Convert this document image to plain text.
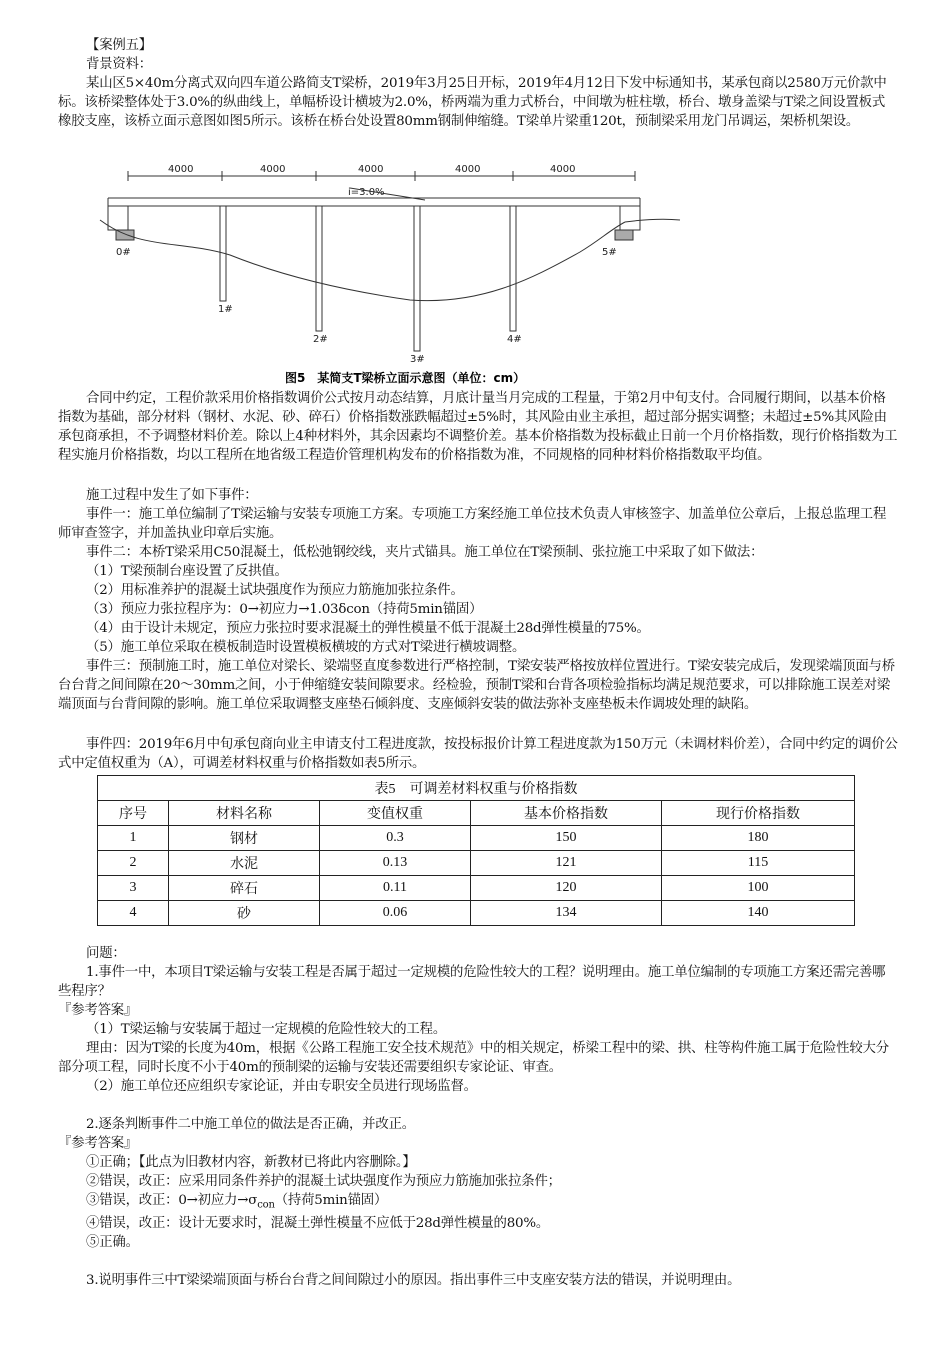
【案例五】
背景资料：
某山区5×40m分离式双向四车道公路简支T梁桥，2019年3月25日开标，2019年4月12日下发中标通知书，某承包商以2580万元价款中标。该桥梁整体处于3.0%的纵曲线上，单幅桥设计横坡为2.0%，桥两端为重力式桥台，中间墩为桩柱墩，桥台、墩身盖梁与T梁之间设置板式橡胶支座，该桥立面示意图如图5所示。该桥在桥台处设置80mm钢制伸缩缝。T梁单片梁重120t，预制梁采用龙门吊调运，架桥机架设。
4000	4000	4000	4000	4000
i=3.0%
0#
1#
2#
3#
4#
5#
图5　某简支T梁桥立面示意图（单位：cm）
合同中约定，工程价款采用价格指数调价公式按月动态结算，月底计量当月完成的工程量，于第2月中旬支付。合同履行期间，以基本价格指数为基础，部分材料（钢材、水泥、砂、碎石）价格指数涨跌幅超过±5%时，其风险由业主承担，超过部分据实调整；未超过±5%其风险由承包商承担，不予调整材料价差。除以上4种材料外，其余因素均不调整价差。基本价格指数为投标截止日前一个月价格指数，现行价格指数为工程实施月价格指数，均以工程所在地省级工程造价管理机构发布的价格指数为准，不同规格的同种材料价格指数取平均值。
施工过程中发生了如下事件：
事件一：施工单位编制了T梁运输与安装专项施工方案。专项施工方案经施工单位技术负责人审核签字、加盖单位公章后，上报总监理工程师审查签字，并加盖执业印章后实施。
事件二：本桥T梁采用C50混凝土，低松弛钢绞线，夹片式锚具。施工单位在T梁预制、张拉施工中采取了如下做法：
（1）T梁预制台座设置了反拱值。
（2）用标准养护的混凝土试块强度作为预应力筋施加张拉条件。
（3）预应力张拉程序为：0→初应力→1.03δcon（持荷5min锚固）
（4）由于设计未规定，预应力张拉时要求混凝土的弹性模量不低于混凝土28d弹性模量的75%。
（5）施工单位采取在模板制造时设置模板横坡的方式对T梁进行横坡调整。
事件三：预制施工时，施工单位对梁长、梁端竖直度参数进行严格控制，T梁安装严格按放样位置进行。T梁安装完成后，发现梁端顶面与桥台台背之间间隙在20～30mm之间，小于伸缩缝安装间隙要求。经检验，预制T梁和台背各项检验指标均满足规范要求，可以排除施工误差对梁端顶面与台背间隙的影响。施工单位采取调整支座垫石倾斜度、支座倾斜安装的做法弥补支座垫板未作调坡处理的缺陷。
事件四：2019年6月中旬承包商向业主申请支付工程进度款，按投标报价计算工程进度款为150万元（未调材料价差），合同中约定的调价公式中定值权重为（A），可调差材料权重与价格指数如表5所示。
表5　可调差材料权重与价格指数				
序号	材料名称	变值权重	基本价格指数	现行价格指数
1	钢材	0.3	150	180
2	水泥	0.13	121	115
3	碎石	0.11	120	100
4	砂	0.06	134	140
问题：
1.事件一中，本项目T梁运输与安装工程是否属于超过一定规模的危险性较大的工程？说明理由。施工单位编制的专项施工方案还需完善哪些程序？
『参考答案』
（1）T梁运输与安装属于超过一定规模的危险性较大的工程。
理由：因为T梁的长度为40m，根据《公路工程施工安全技术规范》中的相关规定，桥梁工程中的梁、拱、柱等构件施工属于危险性较大分部分项工程，同时长度不小于40m的预制梁的运输与安装还需要组织专家论证、审查。
（2）施工单位还应组织专家论证，并由专职安全员进行现场监督。
2.逐条判断事件二中施工单位的做法是否正确，并改正。
『参考答案』
①正确；【此点为旧教材内容，新教材已将此内容删除。】
②错误，改正：应采用同条件养护的混凝土试块强度作为预应力筋施加张拉条件；
③错误，改正：0→初应力$\to\sigma_{con}$（持荷5min锚固）
④错误，改正：设计无要求时，混凝土弹性模量不应低于28d弹性模量的80%。
⑤正确。
3.说明事件三中T梁梁端顶面与桥台台背之间间隙过小的原因。指出事件三中支座安装方法的错误，并说明理由。
